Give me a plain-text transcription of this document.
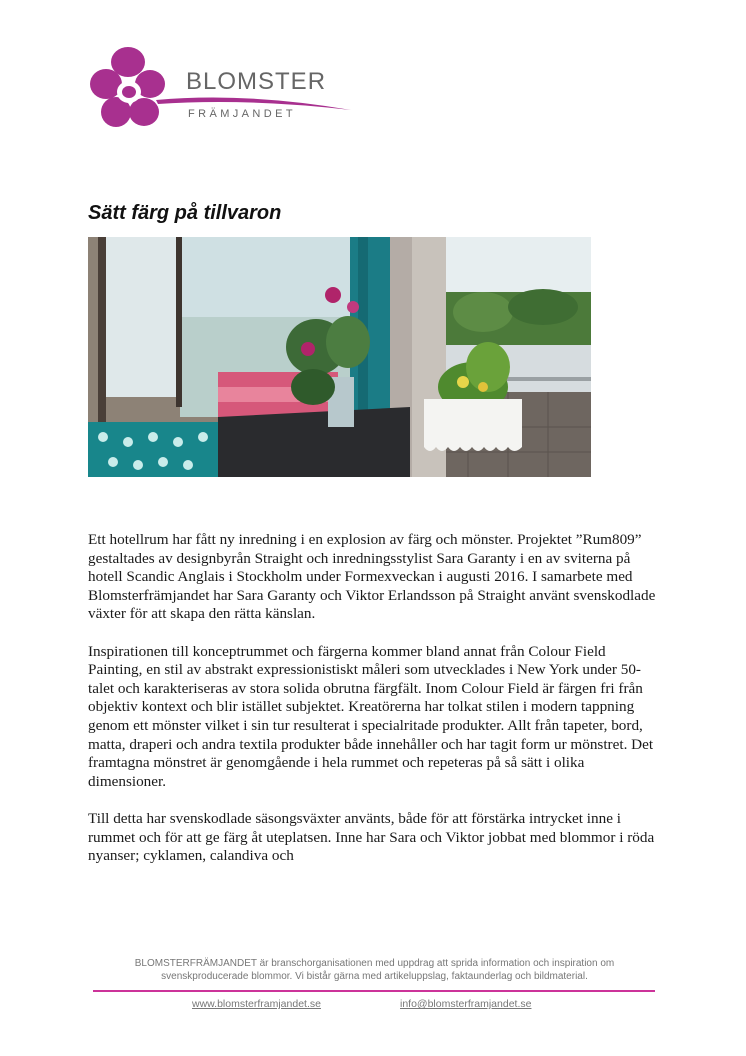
BLOMSTER
FRÄMJANDET
Sätt färg på tillvaron

Ett hotellrum har fått ny inredning i en explosion av färg och mönster. Projektet ”Rum809” gestaltades av designbyrån Straight och inredningsstylist Sara Garanty i en av sviterna på hotell Scandic Anglais i Stockholm under Formexveckan i augusti 2016. I samarbete med Blomsterfrämjandet har Sara Garanty och Viktor Erlandsson på Straight använt svenskodlade växter för att skapa den rätta känslan.

Inspirationen till konceptrummet och färgerna kommer bland annat från Colour Field Painting, en stil av abstrakt expressionistiskt måleri som utvecklades i New York under 50-talet och karakteriseras av stora solida obrutna färgfält. Inom Colour Field är färgen fri från objektiv kontext och blir istället subjektet. Kreatörerna har tolkat stilen i modern tappning genom ett mönster vilket i sin tur resulterat i specialritade produkter. Allt från tapeter, bord, matta, draperi och andra textila produkter både innehåller och har tagit form ur mönstret. Det framtagna mönstret är genomgående i hela rummet och repeteras på så sätt i olika dimensioner.

Till detta har svenskodlade säsongsväxter använts, både för att förstärka intrycket inne i rummet och för att ge färg åt uteplatsen. Inne har Sara och Viktor jobbat med blommor i röda nyanser; cyklamen, calandiva och

BLOMSTERFRÄMJANDET är branschorganisationen med uppdrag att sprida information och inspiration om svenskproducerade blommor. Vi bistår gärna med artikeluppslag, faktaunderlag och bildmaterial.
www.blomsterframjandet.se	info@blomsterframjandet.se
